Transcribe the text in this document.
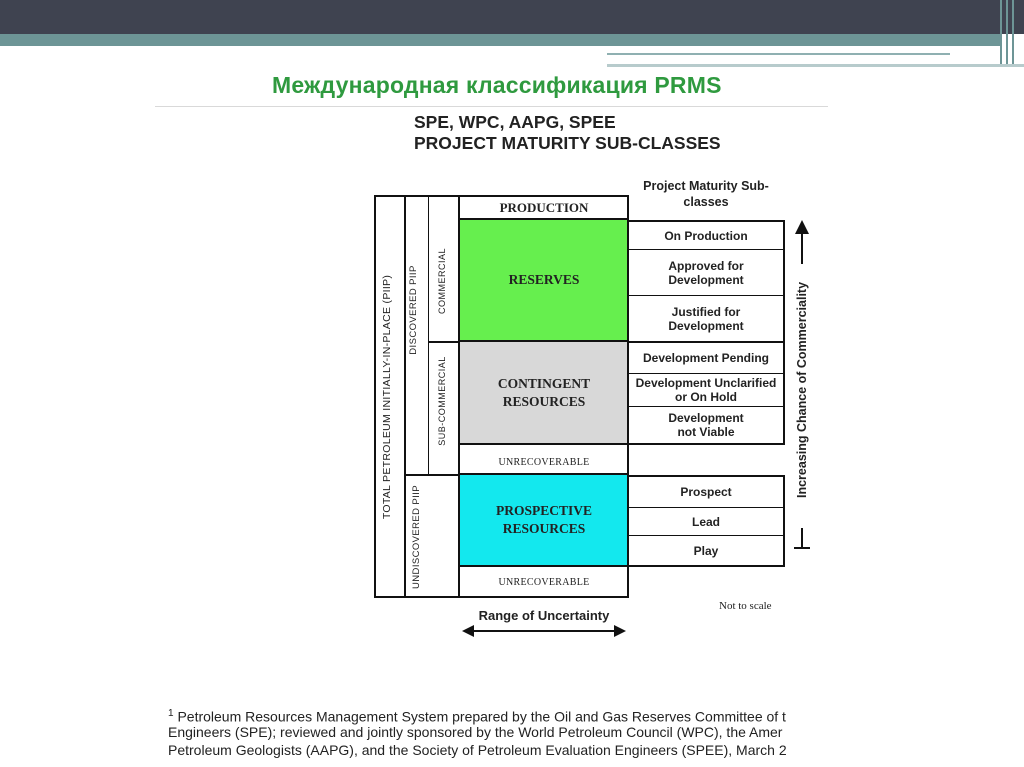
Международная классификация PRMS
SPE, WPC, AAPG, SPEE
PROJECT MATURITY SUB-CLASSES
PRODUCTION
RESERVES
CONTINGENT RESOURCES
UNRECOVERABLE
PROSPECTIVE RESOURCES
UNRECOVERABLE
TOTAL PETROLEUM INITIALLY-IN-PLACE (PIIP)	DISCOVERED PIIP
UNDISCOVERED PIIP
COMMERCIAL
SUB-COMMERCIAL
Project Maturity Sub-classes
On Production
Approved for Development
Justified for Development
Development Pending
Development Unclarified or On Hold
Development not Viable
Prospect
Lead
Play
Increasing Chance of Commerciality
Range of Uncertainty
Not to scale
$^1$ Petroleum Resources Management System prepared by the Oil and Gas Reserves Committee of t
Engineers (SPE); reviewed and jointly sponsored by the World Petroleum Council (WPC), the Amer
Petroleum Geologists (AAPG), and the Society of Petroleum Evaluation Engineers (SPEE), March 2
